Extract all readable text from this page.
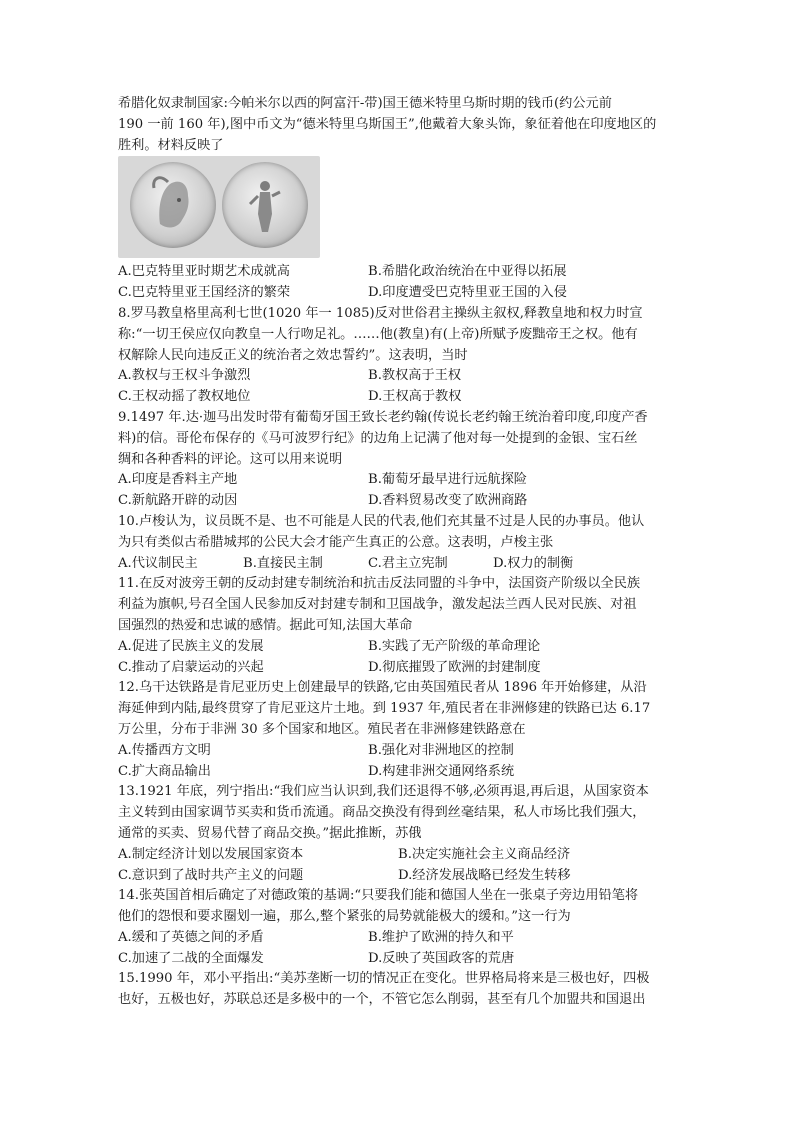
希腊化奴隶制国家:今帕米尔以西的阿富汗-带)国王德米特里乌斯时期的钱币(约公元前
190 一前 160 年),图中币文为“德米特里乌斯国王”,他戴着大象头饰，象征着他在印度地区的
胜利。材料反映了
A.巴克特里亚时期艺术成就高	B.希腊化政治统治在中亚得以拓展
C.巴克特里亚王国经济的繁荣	D.印度遭受巴克特里亚王国的入侵
8.罗马教皇格里高利七世(1020 年一 1085)反对世俗君主操纵主叙权,释教皇地和权力时宣
称:“一切王侯应仅向教皇一人行吻足礼。……他(教皇)有(上帝)所赋予废黜帝王之权。他有
权解除人民向违反正义的统治者之效忠誓约”。这表明，当时
A.教权与王权斗争激烈	B.教权高于王权
C.王权动摇了教权地位	D.王权高于教权
9.1497 年.达·迦马出发时带有葡萄牙国王致长老约翰(传说长老约翰王统治着印度,印度产香
料)的信。哥伦布保存的《马可波罗行纪》的边角上记满了他对每一处提到的金银、宝石丝
绸和各种香料的评论。这可以用来说明
A.印度是香料主产地	B.葡萄牙最早进行远航探险
C.新航路开辟的动因	D.香料贸易改变了欧洲商路
10.卢梭认为，议员既不是、也不可能是人民的代表,他们充其量不过是人民的办事员。他认
为只有类似古希腊城邦的公民大会才能产生真正的公意。这表明，卢梭主张
A.代议制民主	B.直接民主制	C.君主立宪制	D.权力的制衡
11.在反对波旁王朝的反动封建专制统治和抗击反法同盟的斗争中，法国资产阶级以全民族
利益为旗帜,号召全国人民参加反对封建专制和卫国战争，激发起法兰西人民对民族、对祖
国强烈的热爱和忠诚的感情。据此可知,法国大革命
A.促进了民族主义的发展	B.实践了无产阶级的革命理论
C.推动了启蒙运动的兴起	D.彻底摧毁了欧洲的封建制度
12.乌干达铁路是肯尼亚历史上创建最早的铁路,它由英国殖民者从 1896 年开始修建，从沿
海延伸到内陆,最终贯穿了肯尼亚这片土地。到 1937 年,殖民者在非洲修建的铁路已达 6.17
万公里，分布于非洲 30 多个国家和地区。殖民者在非洲修建铁路意在
A.传播西方文明	B.强化对非洲地区的控制
C.扩大商品输出	D.构建非洲交通网络系统
13.1921 年底，列宁指出:“我们应当认识到,我们还退得不够,必须再退,再后退，从国家资本
主义转到由国家调节买卖和货币流通。商品交换没有得到丝毫结果，私人市场比我们强大，
通常的买卖、贸易代替了商品交换。”据此推断，苏俄
A.制定经济计划以发展国家资本	B.决定实施社会主义商品经济
C.意识到了战时共产主义的问题	D.经济发展战略已经发生转移
14.张英国首相后确定了对德政策的基调:“只要我们能和德国人坐在一张桌子旁边用铅笔将
他们的怨恨和要求圈划一遍，那么,整个紧张的局势就能极大的缓和。”这一行为
A.缓和了英德之间的矛盾	B.维护了欧洲的持久和平
C.加速了二战的全面爆发	D.反映了英国政客的荒唐
15.1990 年，邓小平指出:“美苏垄断一切的情况正在变化。世界格局将来是三极也好，四极
也好，五极也好，苏联总还是多极中的一个，不管它怎么削弱，甚至有几个加盟共和国退出
